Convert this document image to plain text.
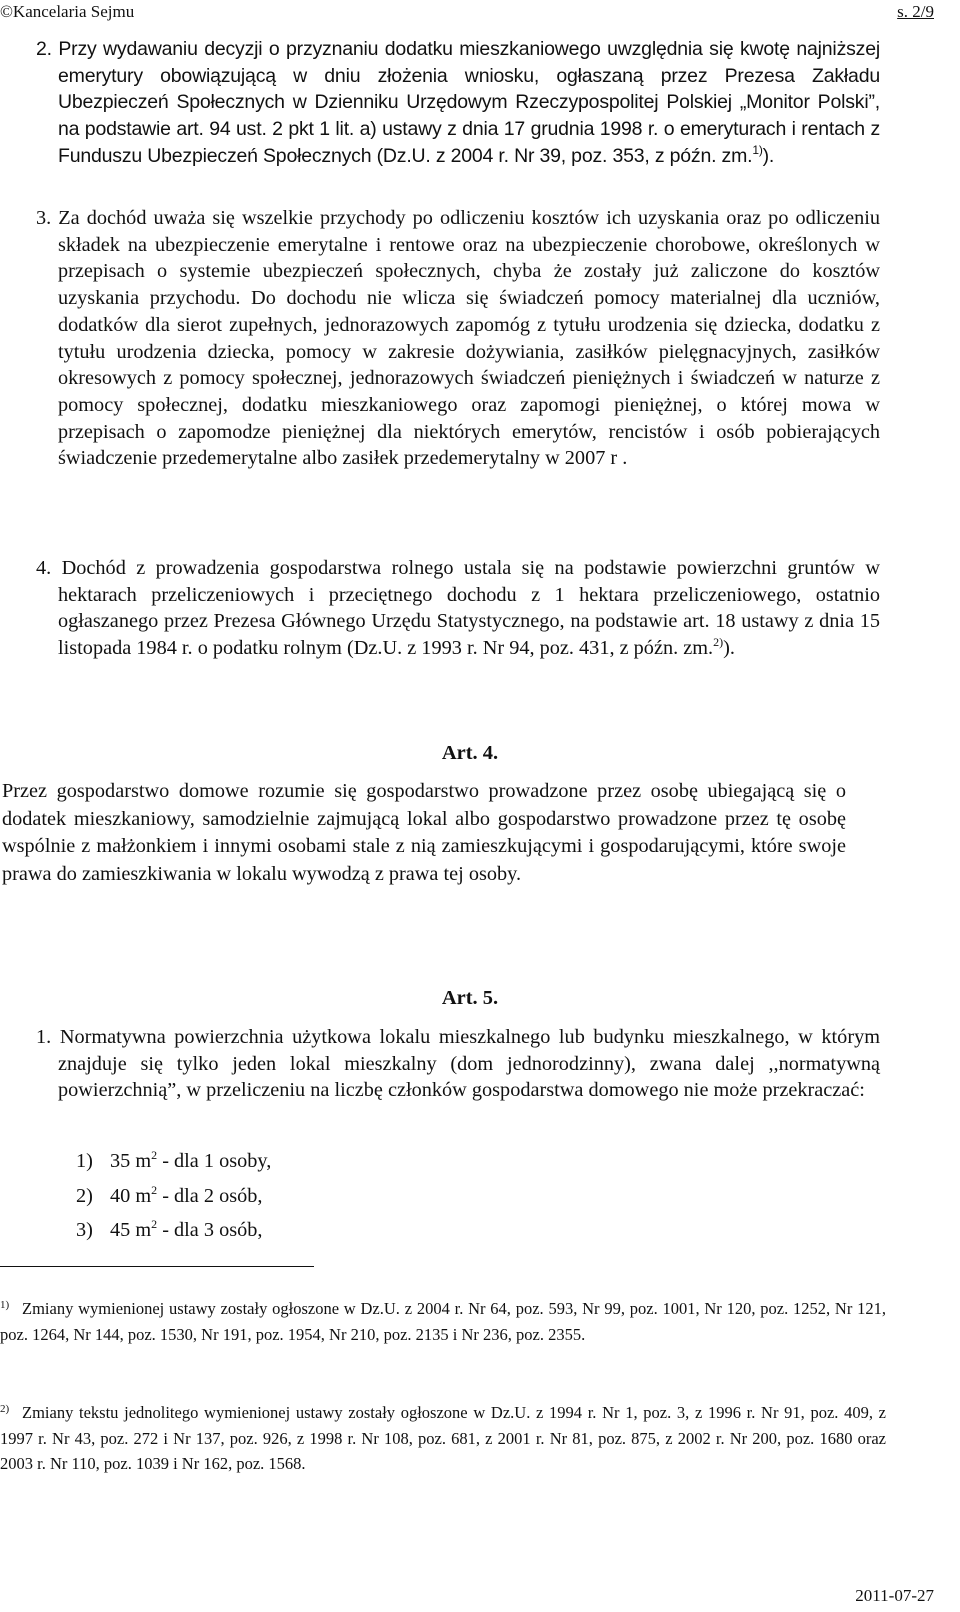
©Kancelaria Sejmu	s. 2/9

2. Przy wydawaniu decyzji o przyznaniu dodatku mieszkaniowego uwzględnia się kwotę najniższej emerytury obowiązującą w dniu złożenia wniosku, ogłaszaną przez Prezesa Zakładu Ubezpieczeń Społecznych w Dzienniku Urzędowym Rzeczypospolitej Polskiej „Monitor Polski”, na podstawie art. 94 ust. 2 pkt 1 lit. a) ustawy z dnia 17 grudnia 1998 r. o emeryturach i rentach z Funduszu Ubezpieczeń Społecznych (Dz.U. z 2004 r. Nr 39, poz. 353, z późn. zm.$^{1)}$).

3. Za dochód uważa się wszelkie przychody po odliczeniu kosztów ich uzyskania oraz po odliczeniu składek na ubezpieczenie emerytalne i rentowe oraz na ubezpieczenie chorobowe, określonych w przepisach o systemie ubezpieczeń społecznych, chyba że zostały już zaliczone do kosztów uzyskania przychodu. Do dochodu nie wlicza się świadczeń pomocy materialnej dla uczniów, dodatków dla sierot zupełnych, jednorazowych zapomóg z tytułu urodzenia się dziecka, dodatku z tytułu urodzenia dziecka, pomocy w zakresie dożywiania, zasiłków pielęgnacyjnych, zasiłków okresowych z pomocy społecznej, jednorazowych świadczeń pieniężnych i świadczeń w naturze z pomocy społecznej, dodatku mieszkaniowego oraz zapomogi pieniężnej, o której mowa w przepisach o zapomodze pieniężnej dla niektórych emerytów, rencistów i osób pobierających świadczenie przedemerytalne albo zasiłek przedemerytalny w 2007 r .

4. Dochód z prowadzenia gospodarstwa rolnego ustala się na podstawie powierzchni gruntów w hektarach przeliczeniowych i przeciętnego dochodu z 1 hektara przeliczeniowego, ostatnio ogłaszanego przez Prezesa Głównego Urzędu Statystycznego, na podstawie art. 18 ustawy z dnia 15 listopada 1984 r. o podatku rolnym (Dz.U. z 1993 r. Nr 94, poz. 431, z późn. zm.$^{2)}$).

Art. 4.

Przez gospodarstwo domowe rozumie się gospodarstwo prowadzone przez osobę ubiegającą się o dodatek mieszkaniowy, samodzielnie zajmującą lokal albo gospodarstwo prowadzone przez tę osobę wspólnie z małżonkiem i innymi osobami stale z nią zamieszkującymi i gospodarującymi, które swoje prawa do zamieszkiwania w lokalu wywodzą z prawa tej osoby.

Art. 5.

1. Normatywna powierzchnia użytkowa lokalu mieszkalnego lub budynku mieszkalnego, w którym znajduje się tylko jeden lokal mieszkalny (dom jednorodzinny), zwana dalej ,,normatywną powierzchnią”, w przeliczeniu na liczbę członków gospodarstwa domowego nie może przekraczać:

1) 35 $m^2$ - dla 1 osoby,
2) 40 $m^2$ - dla 2 osób,
3) 45 $m^2$ - dla 3 osób,

1) Zmiany wymienionej ustawy zostały ogłoszone w Dz.U. z 2004 r. Nr 64, poz. 593, Nr 99, poz. 1001, Nr 120, poz. 1252, Nr 121, poz. 1264, Nr 144, poz. 1530, Nr 191, poz. 1954, Nr 210, poz. 2135 i Nr 236, poz. 2355.

2) Zmiany tekstu jednolitego wymienionej ustawy zostały ogłoszone w Dz.U. z 1994 r. Nr 1, poz. 3, z 1996 r. Nr 91, poz. 409, z 1997 r. Nr 43, poz. 272 i Nr 137, poz. 926, z 1998 r. Nr 108, poz. 681, z 2001 r. Nr 81, poz. 875, z 2002 r. Nr 200, poz. 1680 oraz 2003 r. Nr 110, poz. 1039 i Nr 162, poz. 1568.

2011-07-27
